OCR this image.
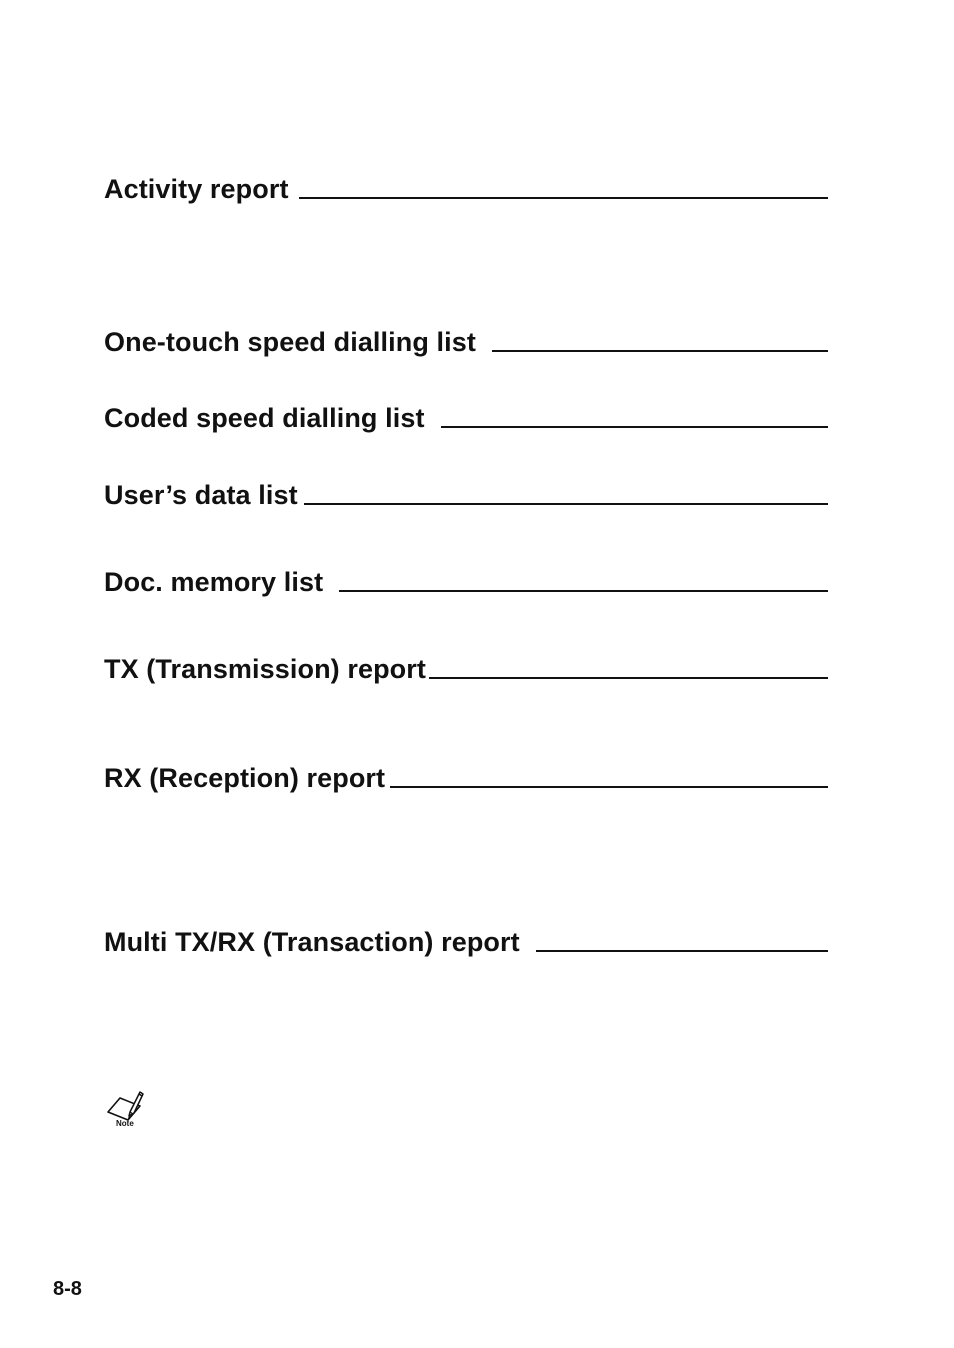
Activity report
One-touch speed dialling list
Coded speed dialling list
User’s data list
Doc. memory list
TX (Transmission) report
RX (Reception) report
Multi TX/RX (Transaction) report
Note
8-8
